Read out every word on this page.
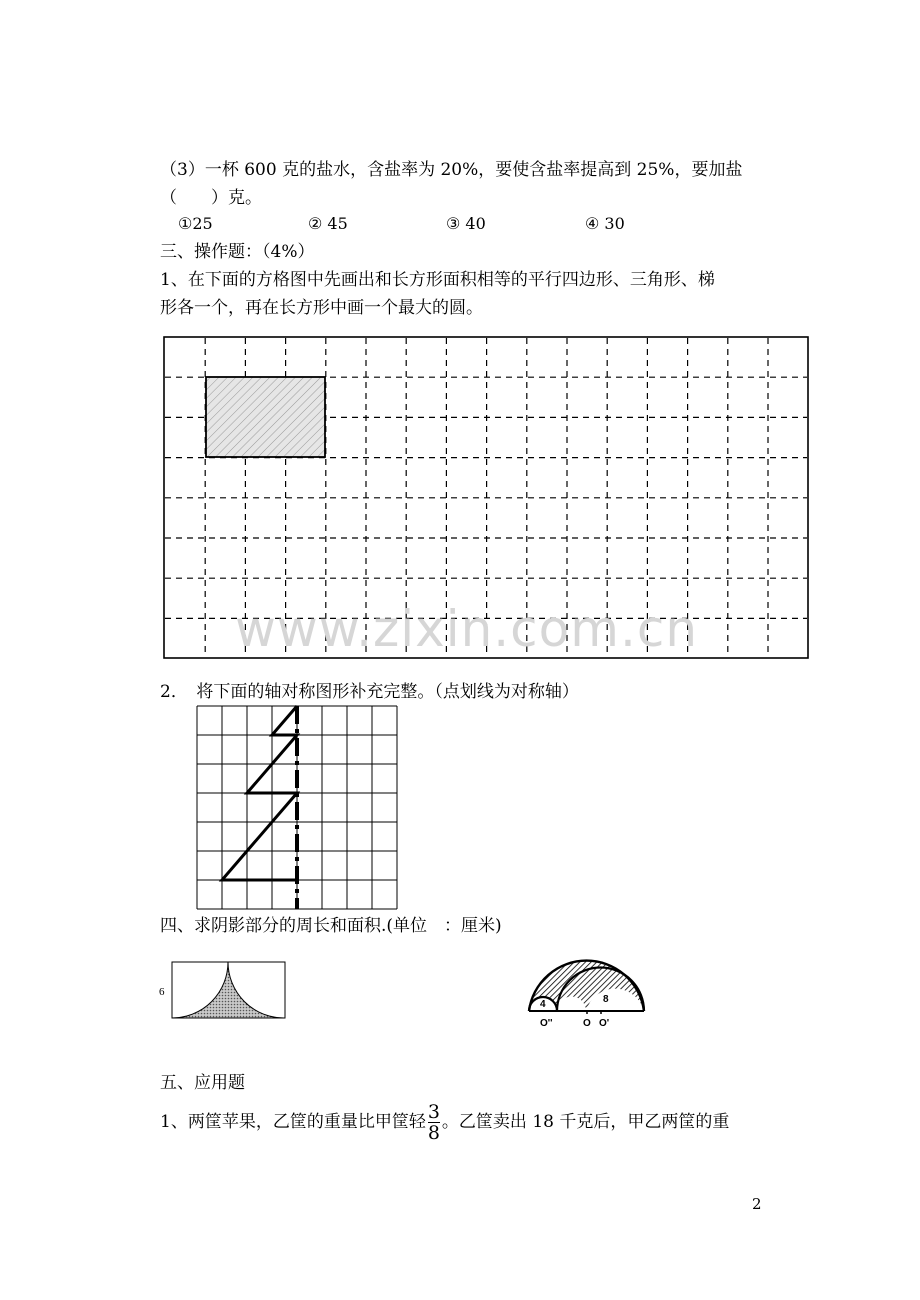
（3）一杯 600 克的盐水，含盐率为 20%，要使含盐率提高到 25%，要加盐
（　　）克。
①25	② 45	③ 40	④ 30
三、操作题：（4%）
1、在下面的方格图中先画出和长方形面积相等的平行四边形、三角形、梯
形各一个，再在长方形中画一个最大的圆。
www.zixin.com.cn
2．　将下面的轴对称图形补充完整。（点划线为对称轴）
四、求阴影部分的周长和面积.(单位　：厘米)
6
4	8
O''	O O'
五、应用题
1、两筐苹果，乙筐的重量比甲筐轻 $\frac{3}{8}$ 。乙筐卖出 18 千克后，甲乙两筐的重
2
